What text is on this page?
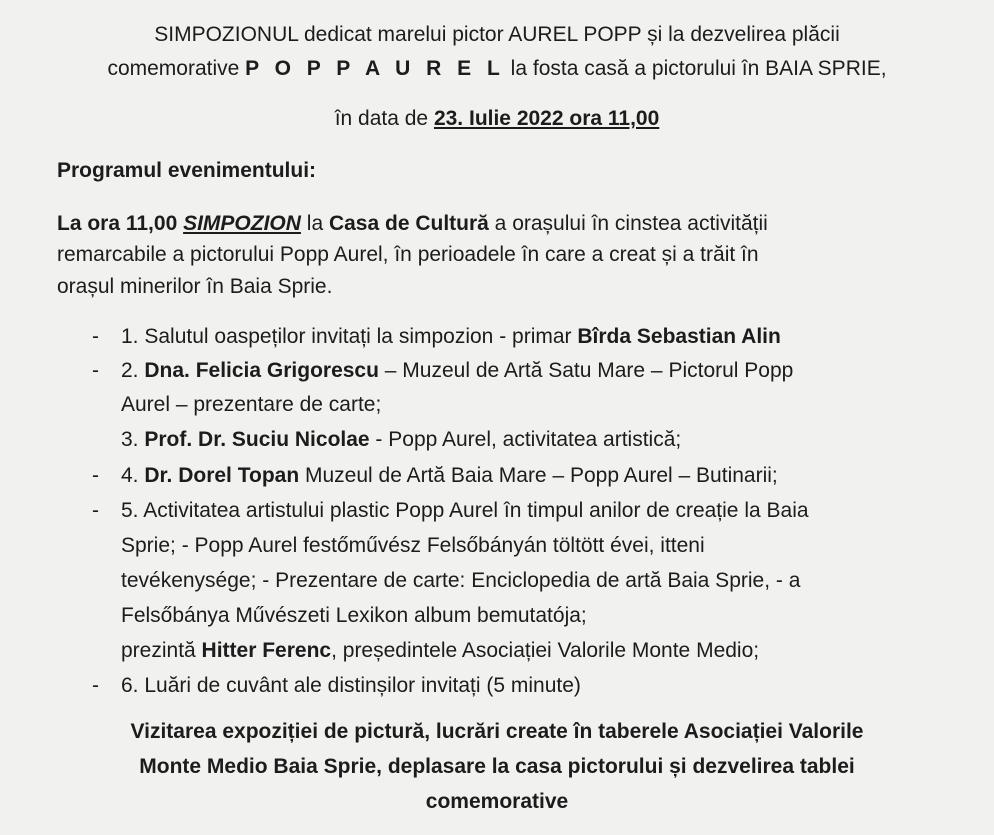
SIMPOZIONUL dedicat marelui pictor AUREL POPP și la dezvelirea plăcii
comemorative P O P P A U R E L la fosta casă a pictorului în BAIA SPRIE,
în data de 23. Iulie 2022 ora 11,00
Programul evenimentului:
La ora 11,00 SIMPOZION la Casa de Cultură a orașului în cinstea activității
remarcabile a pictorului Popp Aurel, în perioadele în care a creat și a trăit în
orașul minerilor în Baia Sprie.
- 1. Salutul oaspeților invitați la simpozion - primar Bîrda Sebastian Alin
- 2. Dna. Felicia Grigorescu – Muzeul de Artă Satu Mare – Pictorul Popp
Aurel – prezentare de carte;
3. Prof. Dr. Suciu Nicolae - Popp Aurel, activitatea artistică;
- 4. Dr. Dorel Topan Muzeul de Artă Baia Mare – Popp Aurel – Butinarii;
- 5. Activitatea artistului plastic Popp Aurel în timpul anilor de creație la Baia
Sprie; - Popp Aurel festőművész Felsőbányán töltött évei, itteni
tevékenysége; - Prezentare de carte: Enciclopedia de artă Baia Sprie, - a
Felsőbánya Művészeti Lexikon album bemutatója;
prezintă Hitter Ferenc, președintele Asociației Valorile Monte Medio;
- 6. Luări de cuvânt ale distinșilor invitați (5 minute)
Vizitarea expoziției de pictură, lucrări create în taberele Asociației Valorile
Monte Medio Baia Sprie, deplasare la casa pictorului și dezvelirea tablei
comemorative
